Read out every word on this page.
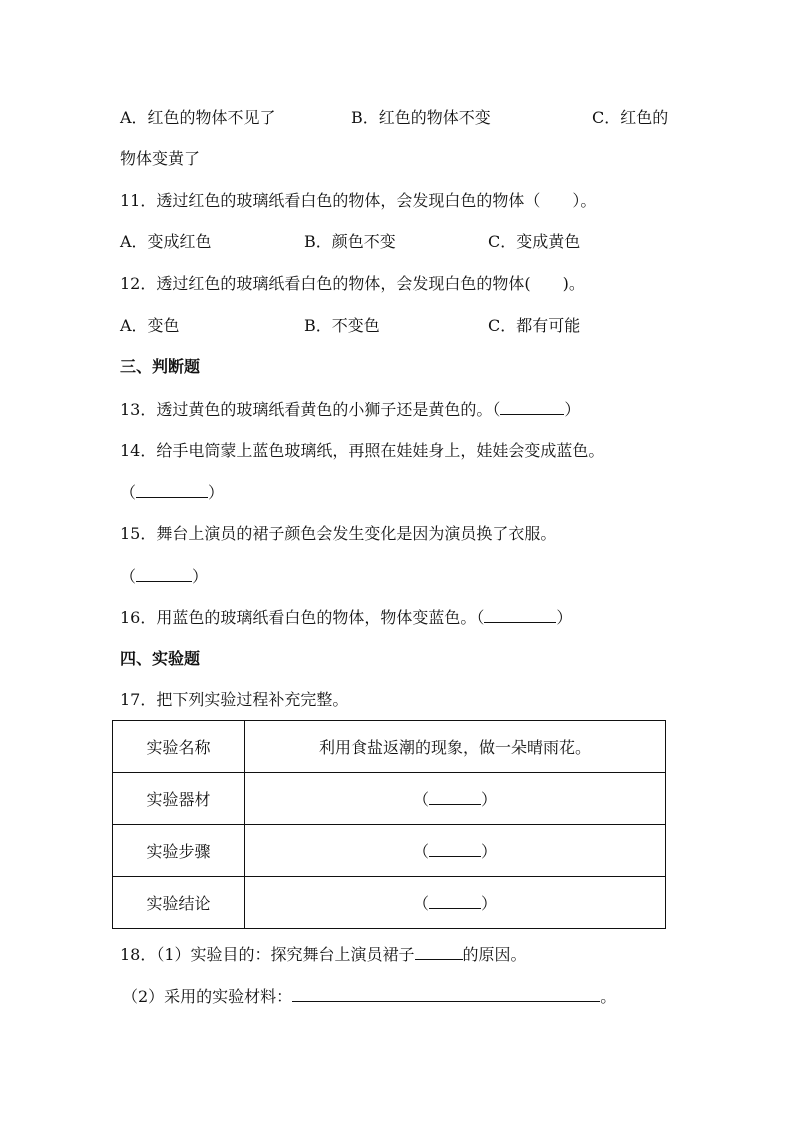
A．红色的物体不见了	B．红色的物体不变	C．红色的
物体变黄了
11．透过红色的玻璃纸看白色的物体，会发现白色的物体（　　）。
A．变成红色	B．颜色不变	C．变成黄色
12．透过红色的玻璃纸看白色的物体，会发现白色的物体(　　)。
A．变色	B．不变色	C．都有可能
三、判断题
13．透过黄色的玻璃纸看黄色的小狮子还是黄色的。（	）
14．给手电筒蒙上蓝色玻璃纸，再照在娃娃身上，娃娃会变成蓝色。
（	）
15．舞台上演员的裙子颜色会发生变化是因为演员换了衣服。
（	）
16．用蓝色的玻璃纸看白色的物体，物体变蓝色。（	）
四、实验题
17．把下列实验过程补充完整。
实验名称	利用食盐返潮的现象，做一朵晴雨花。
实验器材	（ ）
实验步骤	（ ）
实验结论	（ ）
18．（1）实验目的：探究舞台上演员裙子	的原因。
（2）采用的实验材料：	。
